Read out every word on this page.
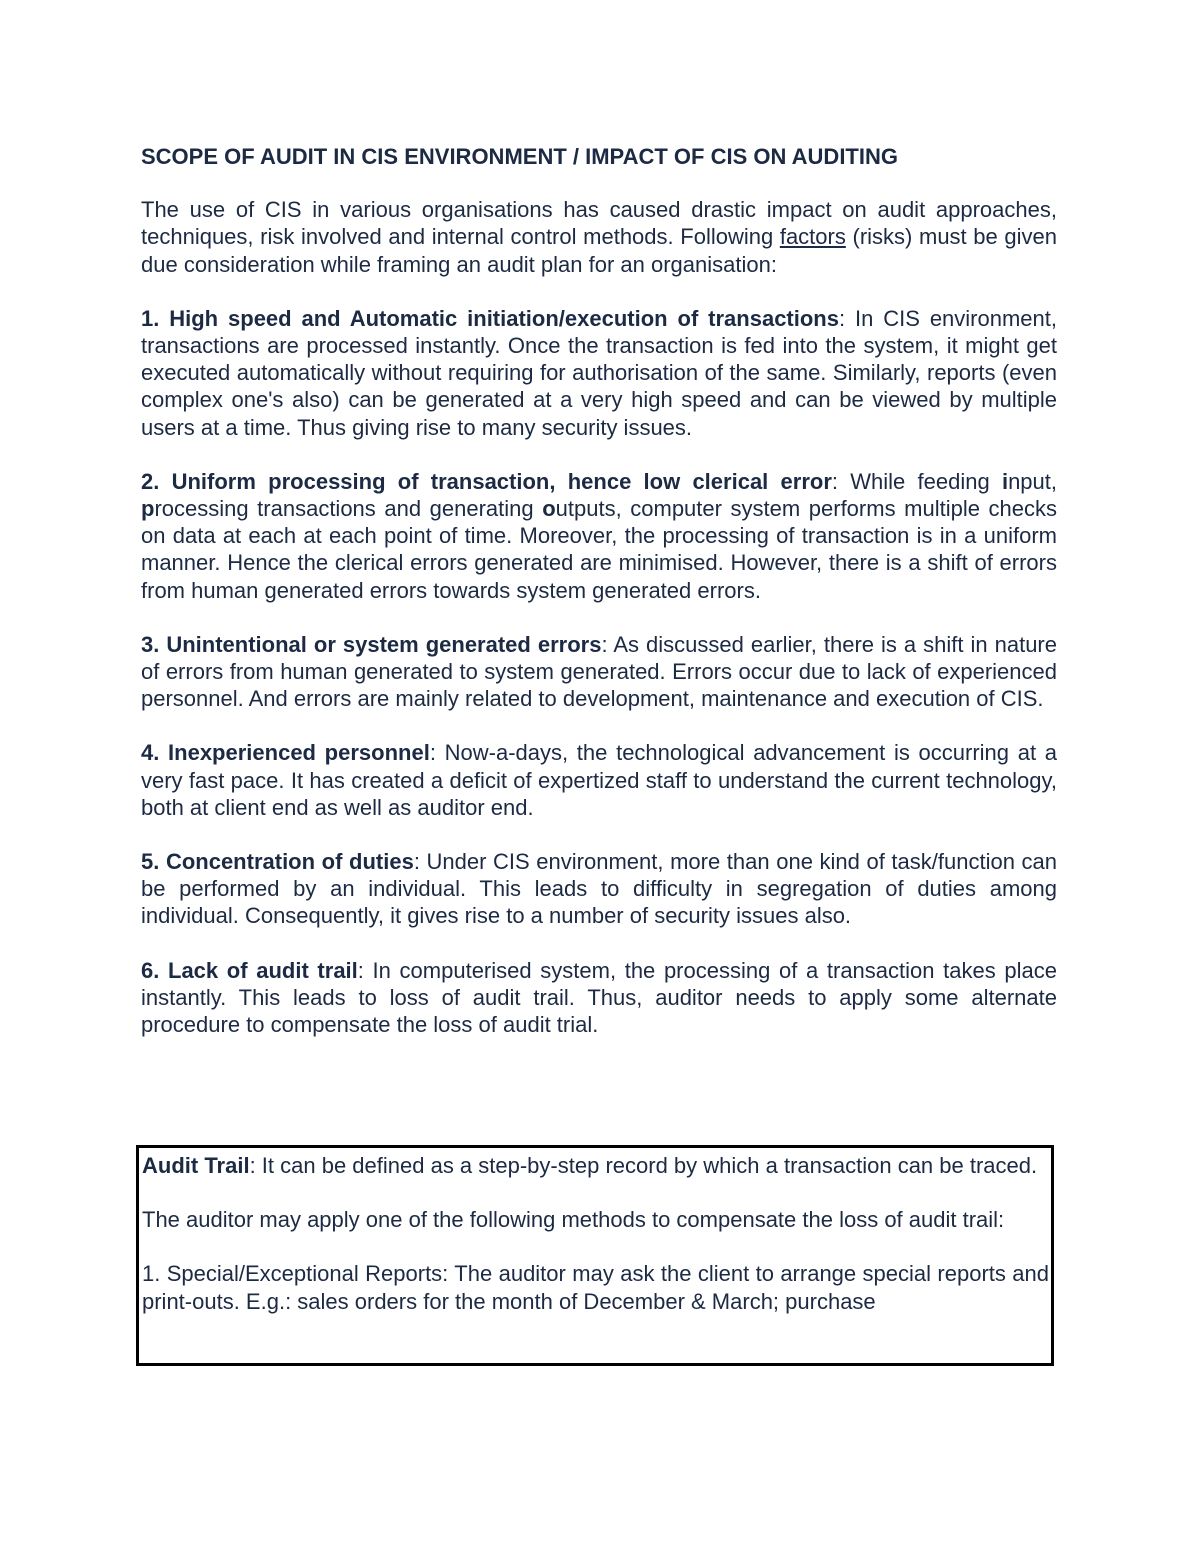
SCOPE OF AUDIT IN CIS ENVIRONMENT / IMPACT OF CIS ON AUDITING

The use of CIS in various organisations has caused drastic impact on audit approaches, techniques, risk involved and internal control methods. Following factors (risks) must be given due consideration while framing an audit plan for an organisation:

1. High speed and Automatic initiation/execution of transactions: In CIS environment, transactions are processed instantly. Once the transaction is fed into the system, it might get executed automatically without requiring for authorisation of the same. Similarly, reports (even complex one's also) can be generated at a very high speed and can be viewed by multiple users at a time. Thus giving rise to many security issues.

2. Uniform processing of transaction, hence low clerical error: While feeding input, processing transactions and generating outputs, computer system performs multiple checks on data at each at each point of time. Moreover, the processing of transaction is in a uniform manner. Hence the clerical errors generated are minimised. However, there is a shift of errors from human generated errors towards system generated errors.

3. Unintentional or system generated errors: As discussed earlier, there is a shift in nature of errors from human generated to system generated. Errors occur due to lack of experienced personnel. And errors are mainly related to development, maintenance and execution of CIS.

4. Inexperienced personnel: Now-a-days, the technological advancement is occurring at a very fast pace. It has created a deficit of expertized staff to understand the current technology, both at client end as well as auditor end.

5. Concentration of duties: Under CIS environment, more than one kind of task/function can be performed by an individual. This leads to difficulty in segregation of duties among individual. Consequently, it gives rise to a number of security issues also.

6. Lack of audit trail: In computerised system, the processing of a transaction takes place instantly. This leads to loss of audit trail. Thus, auditor needs to apply some alternate procedure to compensate the loss of audit trial.

Audit Trail: It can be defined as a step-by-step record by which a transaction can be traced.

The auditor may apply one of the following methods to compensate the loss of audit trail:

1. Special/Exceptional Reports: The auditor may ask the client to arrange special reports and print-outs. E.g.: sales orders for the month of December & March; purchase
